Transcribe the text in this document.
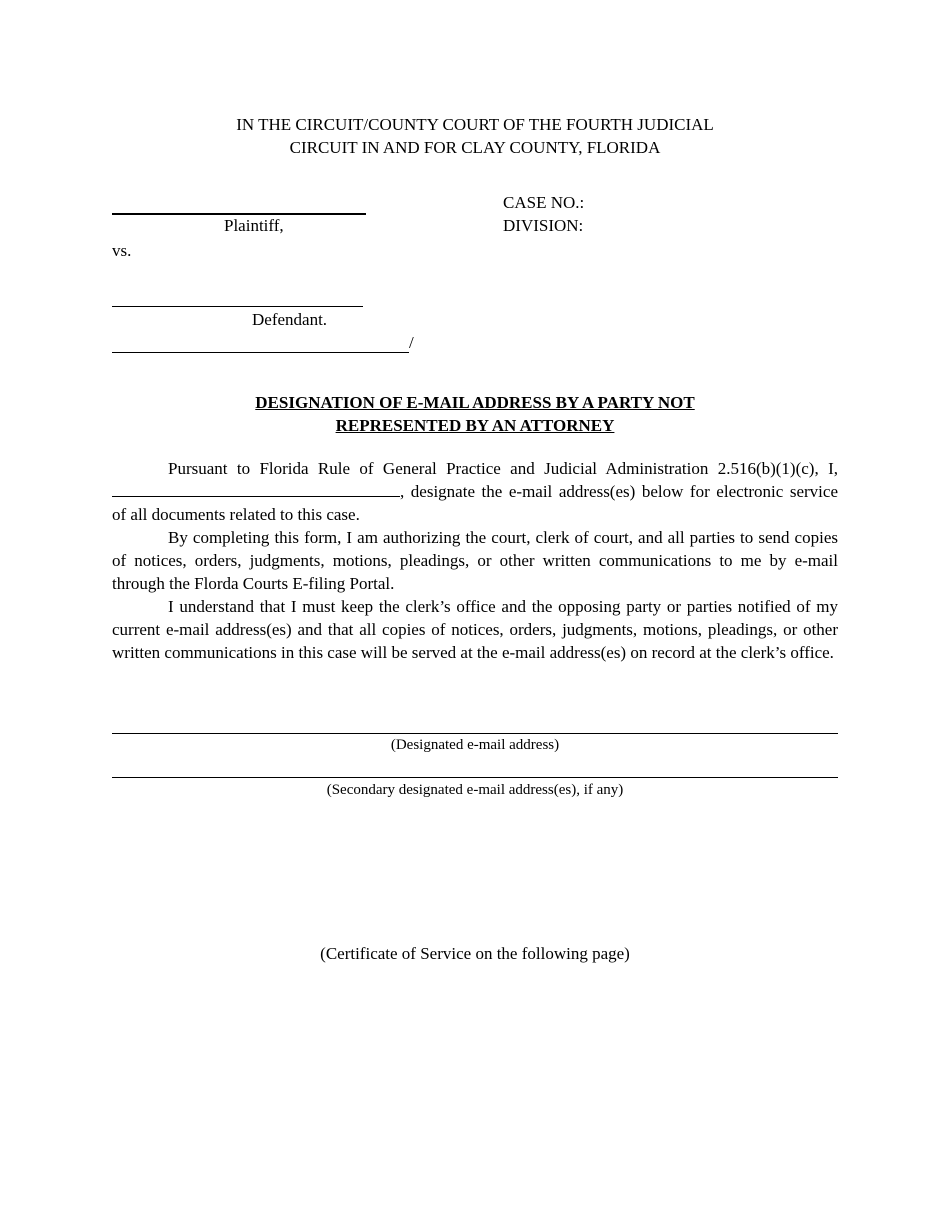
IN THE CIRCUIT/COUNTY COURT OF THE FOURTH JUDICIAL
CIRCUIT IN AND FOR CLAY COUNTY, FLORIDA
Plaintiff,
vs.
CASE NO.:
DIVISION:
Defendant.
/
DESIGNATION OF E-MAIL ADDRESS BY A PARTY NOT
REPRESENTED BY AN ATTORNEY

Pursuant to Florida Rule of General Practice and Judicial Administration 2.516(b)(1)(c), I, , designate the e-mail address(es) below for electronic service of all documents related to this case.

By completing this form, I am authorizing the court, clerk of court, and all parties to send copies of notices, orders, judgments, motions, pleadings, or other written communications to me by e-mail through the Florda Courts E-filing Portal.

I understand that I must keep the clerk’s office and the opposing party or parties notified of my current e-mail address(es) and that all copies of notices, orders, judgments, motions, pleadings, or other written communications in this case will be served at the e-mail address(es) on record at the clerk’s office.

(Designated e-mail address)
(Secondary designated e-mail address(es), if any)
(Certificate of Service on the following page)
